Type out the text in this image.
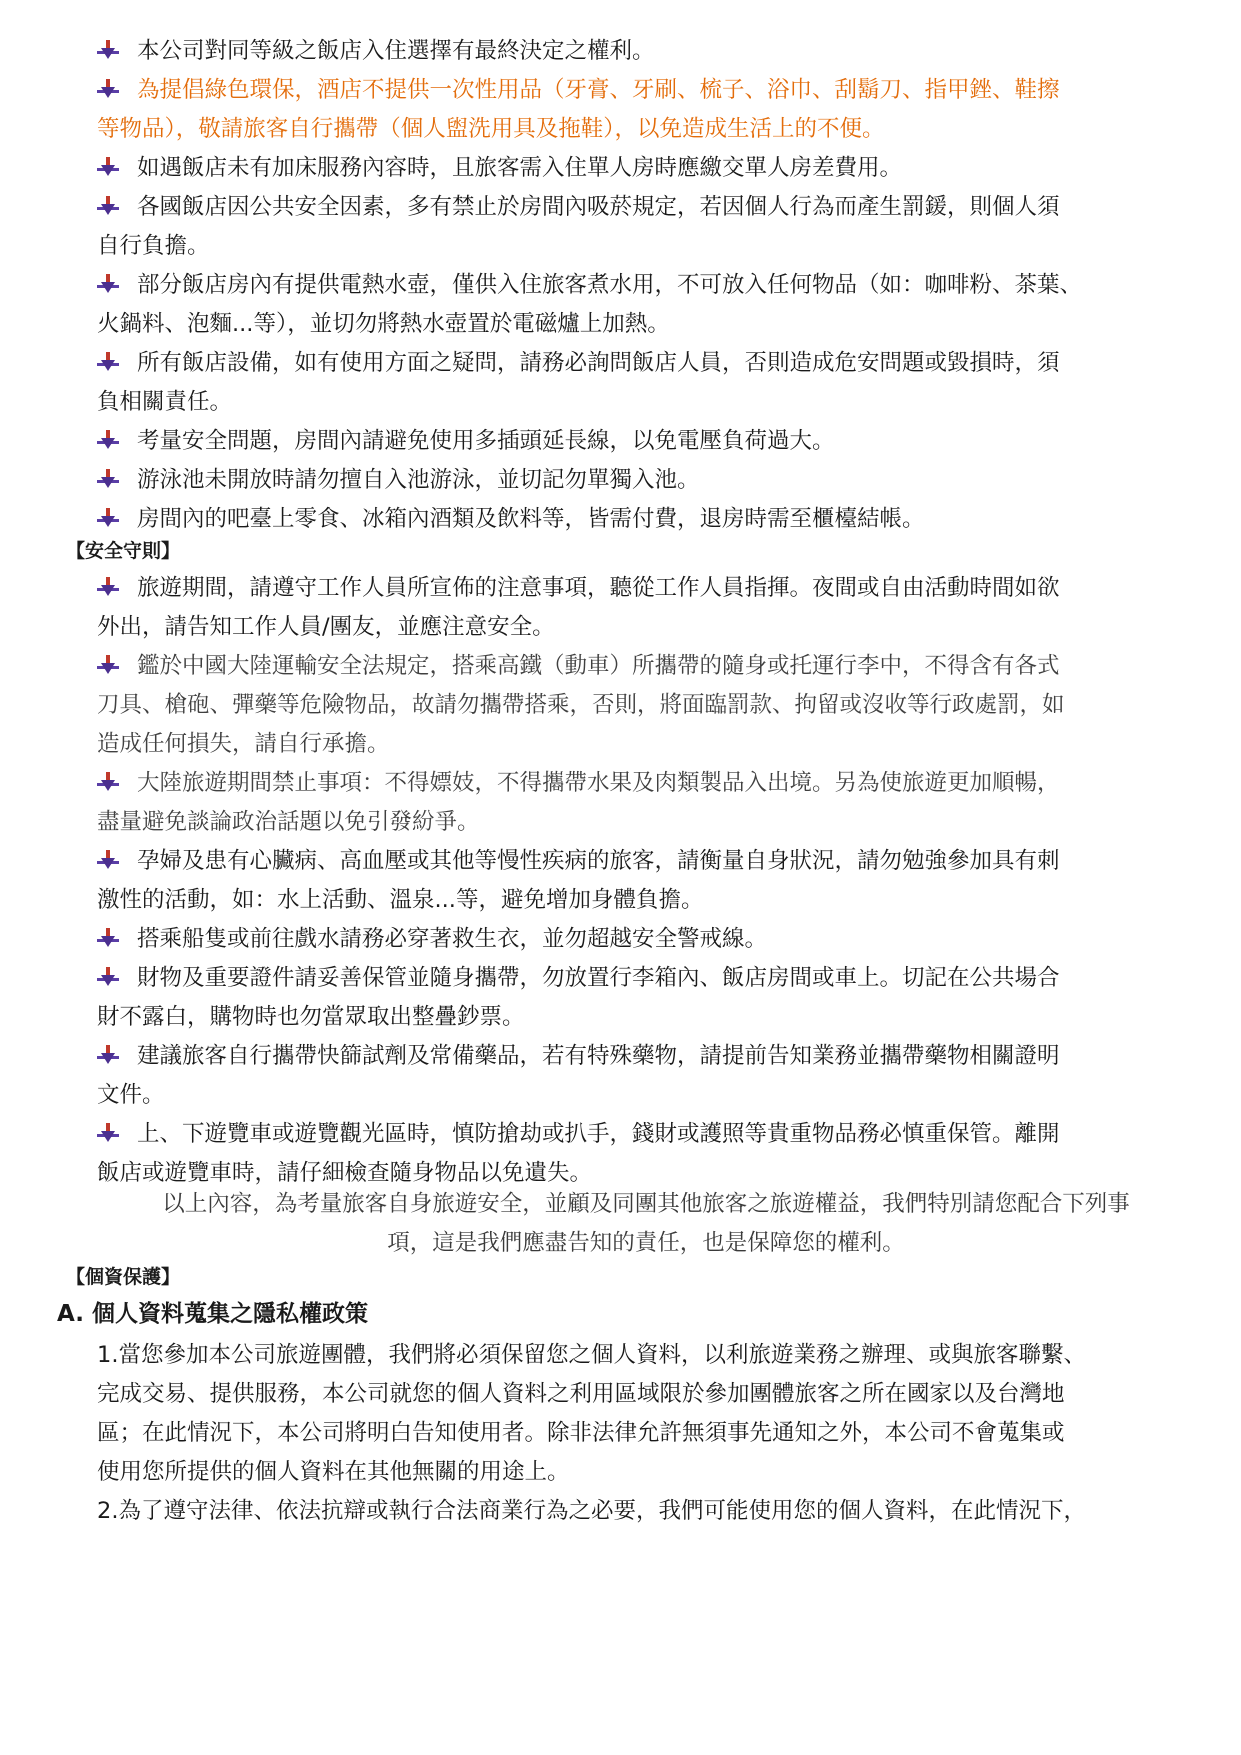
本公司對同等級之飯店入住選擇有最終決定之權利。
為提倡綠色環保，酒店不提供一次性用品（牙膏、牙刷、梳子、浴巾、刮鬍刀、指甲銼、鞋擦
等物品），敬請旅客自行攜帶（個人盥洗用具及拖鞋），以免造成生活上的不便。
如遇飯店未有加床服務內容時，且旅客需入住單人房時應繳交單人房差費用。
各國飯店因公共安全因素，多有禁止於房間內吸菸規定，若因個人行為而產生罰鍰，則個人須
自行負擔。
部分飯店房內有提供電熱水壺，僅供入住旅客煮水用，不可放入任何物品（如：咖啡粉、茶葉、
火鍋料、泡麵...等），並切勿將熱水壺置於電磁爐上加熱。
所有飯店設備，如有使用方面之疑問，請務必詢問飯店人員，否則造成危安問題或毀損時，須
負相關責任。
考量安全問題，房間內請避免使用多插頭延長線，以免電壓負荷過大。
游泳池未開放時請勿擅自入池游泳，並切記勿單獨入池。
房間內的吧臺上零食、冰箱內酒類及飲料等，皆需付費，退房時需至櫃檯結帳。
【安全守則】
旅遊期間，請遵守工作人員所宣佈的注意事項，聽從工作人員指揮。夜間或自由活動時間如欲
外出，請告知工作人員/團友，並應注意安全。
鑑於中國大陸運輸安全法規定，搭乘高鐵（動車）所攜帶的隨身或托運行李中，不得含有各式
刀具、槍砲、彈藥等危險物品，故請勿攜帶搭乘，否則，將面臨罰款、拘留或沒收等行政處罰，如
造成任何損失，請自行承擔。
大陸旅遊期間禁止事項：不得嫖妓，不得攜帶水果及肉類製品入出境。另為使旅遊更加順暢，
盡量避免談論政治話題以免引發紛爭。
孕婦及患有心臟病、高血壓或其他等慢性疾病的旅客，請衡量自身狀況，請勿勉強參加具有刺
激性的活動，如：水上活動、溫泉...等，避免增加身體負擔。
搭乘船隻或前往戲水請務必穿著救生衣，並勿超越安全警戒線。
財物及重要證件請妥善保管並隨身攜帶，勿放置行李箱內、飯店房間或車上。切記在公共場合
財不露白，購物時也勿當眾取出整疊鈔票。
建議旅客自行攜帶快篩試劑及常備藥品，若有特殊藥物，請提前告知業務並攜帶藥物相關證明
文件。
上、下遊覽車或遊覽觀光區時，慎防搶劫或扒手，錢財或護照等貴重物品務必慎重保管。離開
飯店或遊覽車時，請仔細檢查隨身物品以免遺失。
以上內容，為考量旅客自身旅遊安全，並顧及同團其他旅客之旅遊權益，我們特別請您配合下列事
項，這是我們應盡告知的責任，也是保障您的權利。
【個資保護】
A. 個人資料蒐集之隱私權政策
1.當您參加本公司旅遊團體，我們將必須保留您之個人資料，以利旅遊業務之辦理、或與旅客聯繫、
完成交易、提供服務，本公司就您的個人資料之利用區域限於參加團體旅客之所在國家以及台灣地
區；在此情況下，本公司將明白告知使用者。除非法律允許無須事先通知之外，本公司不會蒐集或
使用您所提供的個人資料在其他無關的用途上。
2.為了遵守法律、依法抗辯或執行合法商業行為之必要，我們可能使用您的個人資料，在此情況下，
